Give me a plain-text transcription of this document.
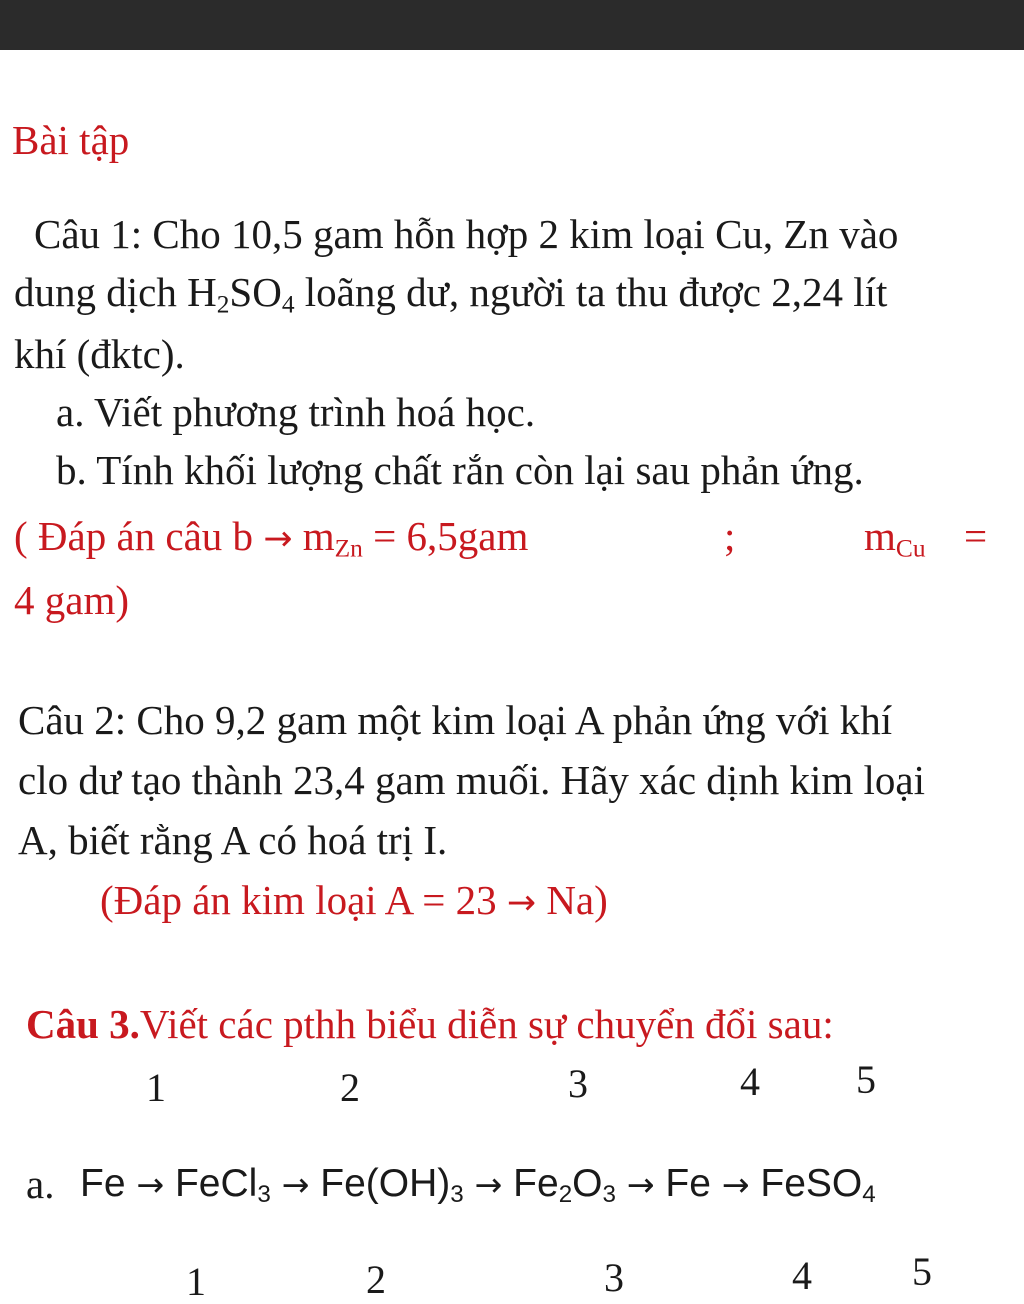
Bài tập
Câu 1: Cho 10,5 gam hỗn hợp 2 kim loại Cu, Zn vào
dung dịch $H_2SO_4$ loãng dư, người ta thu được 2,24 lít
khí (đktc).
a. Viết phương trình hoá học.
b. Tính khối lượng chất rắn còn lại sau phản ứng.
( Đáp án câu $b \to m_{Zn} = 6,5gam$	;	$m_{Cu}$ =
4 gam)
Câu 2: Cho 9,2 gam một kim loại A phản ứng với khí
clo dư tạo thành 23,4 gam muối. Hãy xác dịnh kim loại
A, biết rằng A có hoá trị I.
(Đáp án kim loại A = 23 → Na)
Câu 3.Viết các pthh biểu diễn sự chuyển đổi sau:
1	2	3	4 5
a. Fe → FeCl$_3$ → $Fe(OH)_3 \to Fe_2O_3 \to Fe$ → FeSO$_4$
1	2	3	4	5
